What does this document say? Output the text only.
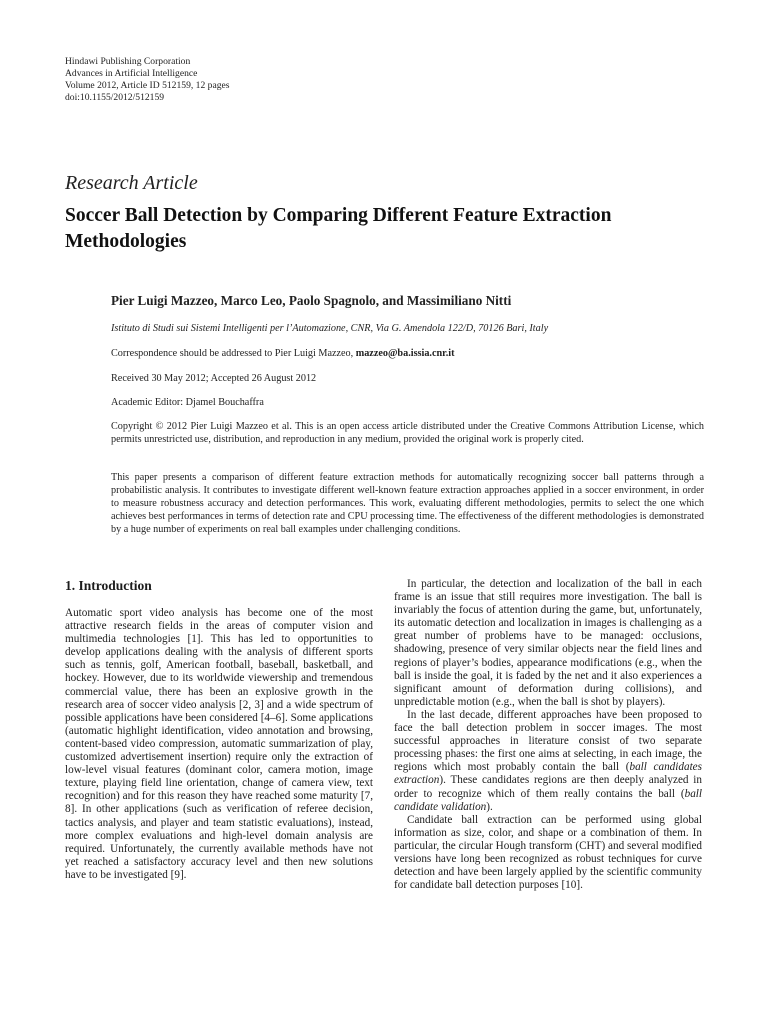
Hindawi Publishing Corporation
Advances in Artificial Intelligence
Volume 2012, Article ID 512159, 12 pages
doi:10.1155/2012/512159
Research Article
Soccer Ball Detection by Comparing Different Feature Extraction Methodologies
Pier Luigi Mazzeo, Marco Leo, Paolo Spagnolo, and Massimiliano Nitti
Istituto di Studi sui Sistemi Intelligenti per l’Automazione, CNR, Via G. Amendola 122/D, 70126 Bari, Italy
Correspondence should be addressed to Pier Luigi Mazzeo, mazzeo@ba.issia.cnr.it
Received 30 May 2012; Accepted 26 August 2012
Academic Editor: Djamel Bouchaffra
Copyright © 2012 Pier Luigi Mazzeo et al. This is an open access article distributed under the Creative Commons Attribution License, which permits unrestricted use, distribution, and reproduction in any medium, provided the original work is properly cited.
This paper presents a comparison of different feature extraction methods for automatically recognizing soccer ball patterns through a probabilistic analysis. It contributes to investigate different well-known feature extraction approaches applied in a soccer environment, in order to measure robustness accuracy and detection performances. This work, evaluating different methodologies, permits to select the one which achieves best performances in terms of detection rate and CPU processing time. The effectiveness of the different methodologies is demonstrated by a huge number of experiments on real ball examples under challenging conditions.
1. Introduction

Automatic sport video analysis has become one of the most attractive research fields in the areas of computer vision and multimedia technologies [1]. This has led to opportunities to develop applications dealing with the analysis of different sports such as tennis, golf, American football, baseball, basketball, and hockey. However, due to its worldwide viewership and tremendous commercial value, there has been an explosive growth in the research area of soccer video analysis [2, 3] and a wide spectrum of possible applications have been considered [4–6]. Some applications (automatic highlight identification, video annotation and browsing, content-based video compression, automatic summarization of play, customized advertisement insertion) require only the extraction of low-level visual features (dominant color, camera motion, image texture, playing field line orientation, change of camera view, text recognition) and for this reason they have reached some maturity [7, 8]. In other applications (such as verification of referee decision, tactics analysis, and player and team statistic evaluations), instead, more complex evaluations and high-level domain analysis are required. Unfortunately, the currently available methods have not yet reached a satisfactory accuracy level and then new solutions have to be investigated [9].

In particular, the detection and localization of the ball in each frame is an issue that still requires more investigation. The ball is invariably the focus of attention during the game, but, unfortunately, its automatic detection and localization in images is challenging as a great number of problems have to be managed: occlusions, shadowing, presence of very similar objects near the field lines and regions of player’s bodies, appearance modifications (e.g., when the ball is inside the goal, it is faded by the net and it also experiences a significant amount of deformation during collisions), and unpredictable motion (e.g., when the ball is shot by players).

In the last decade, different approaches have been proposed to face the ball detection problem in soccer images. The most successful approaches in literature consist of two separate processing phases: the first one aims at selecting, in each image, the regions which most probably contain the ball (ball candidates extraction). These candidates regions are then deeply analyzed in order to recognize which of them really contains the ball (ball candidate validation).

Candidate ball extraction can be performed using global information as size, color, and shape or a combination of them. In particular, the circular Hough transform (CHT) and several modified versions have long been recognized as robust techniques for curve detection and have been largely applied by the scientific community for candidate ball detection purposes [10].
